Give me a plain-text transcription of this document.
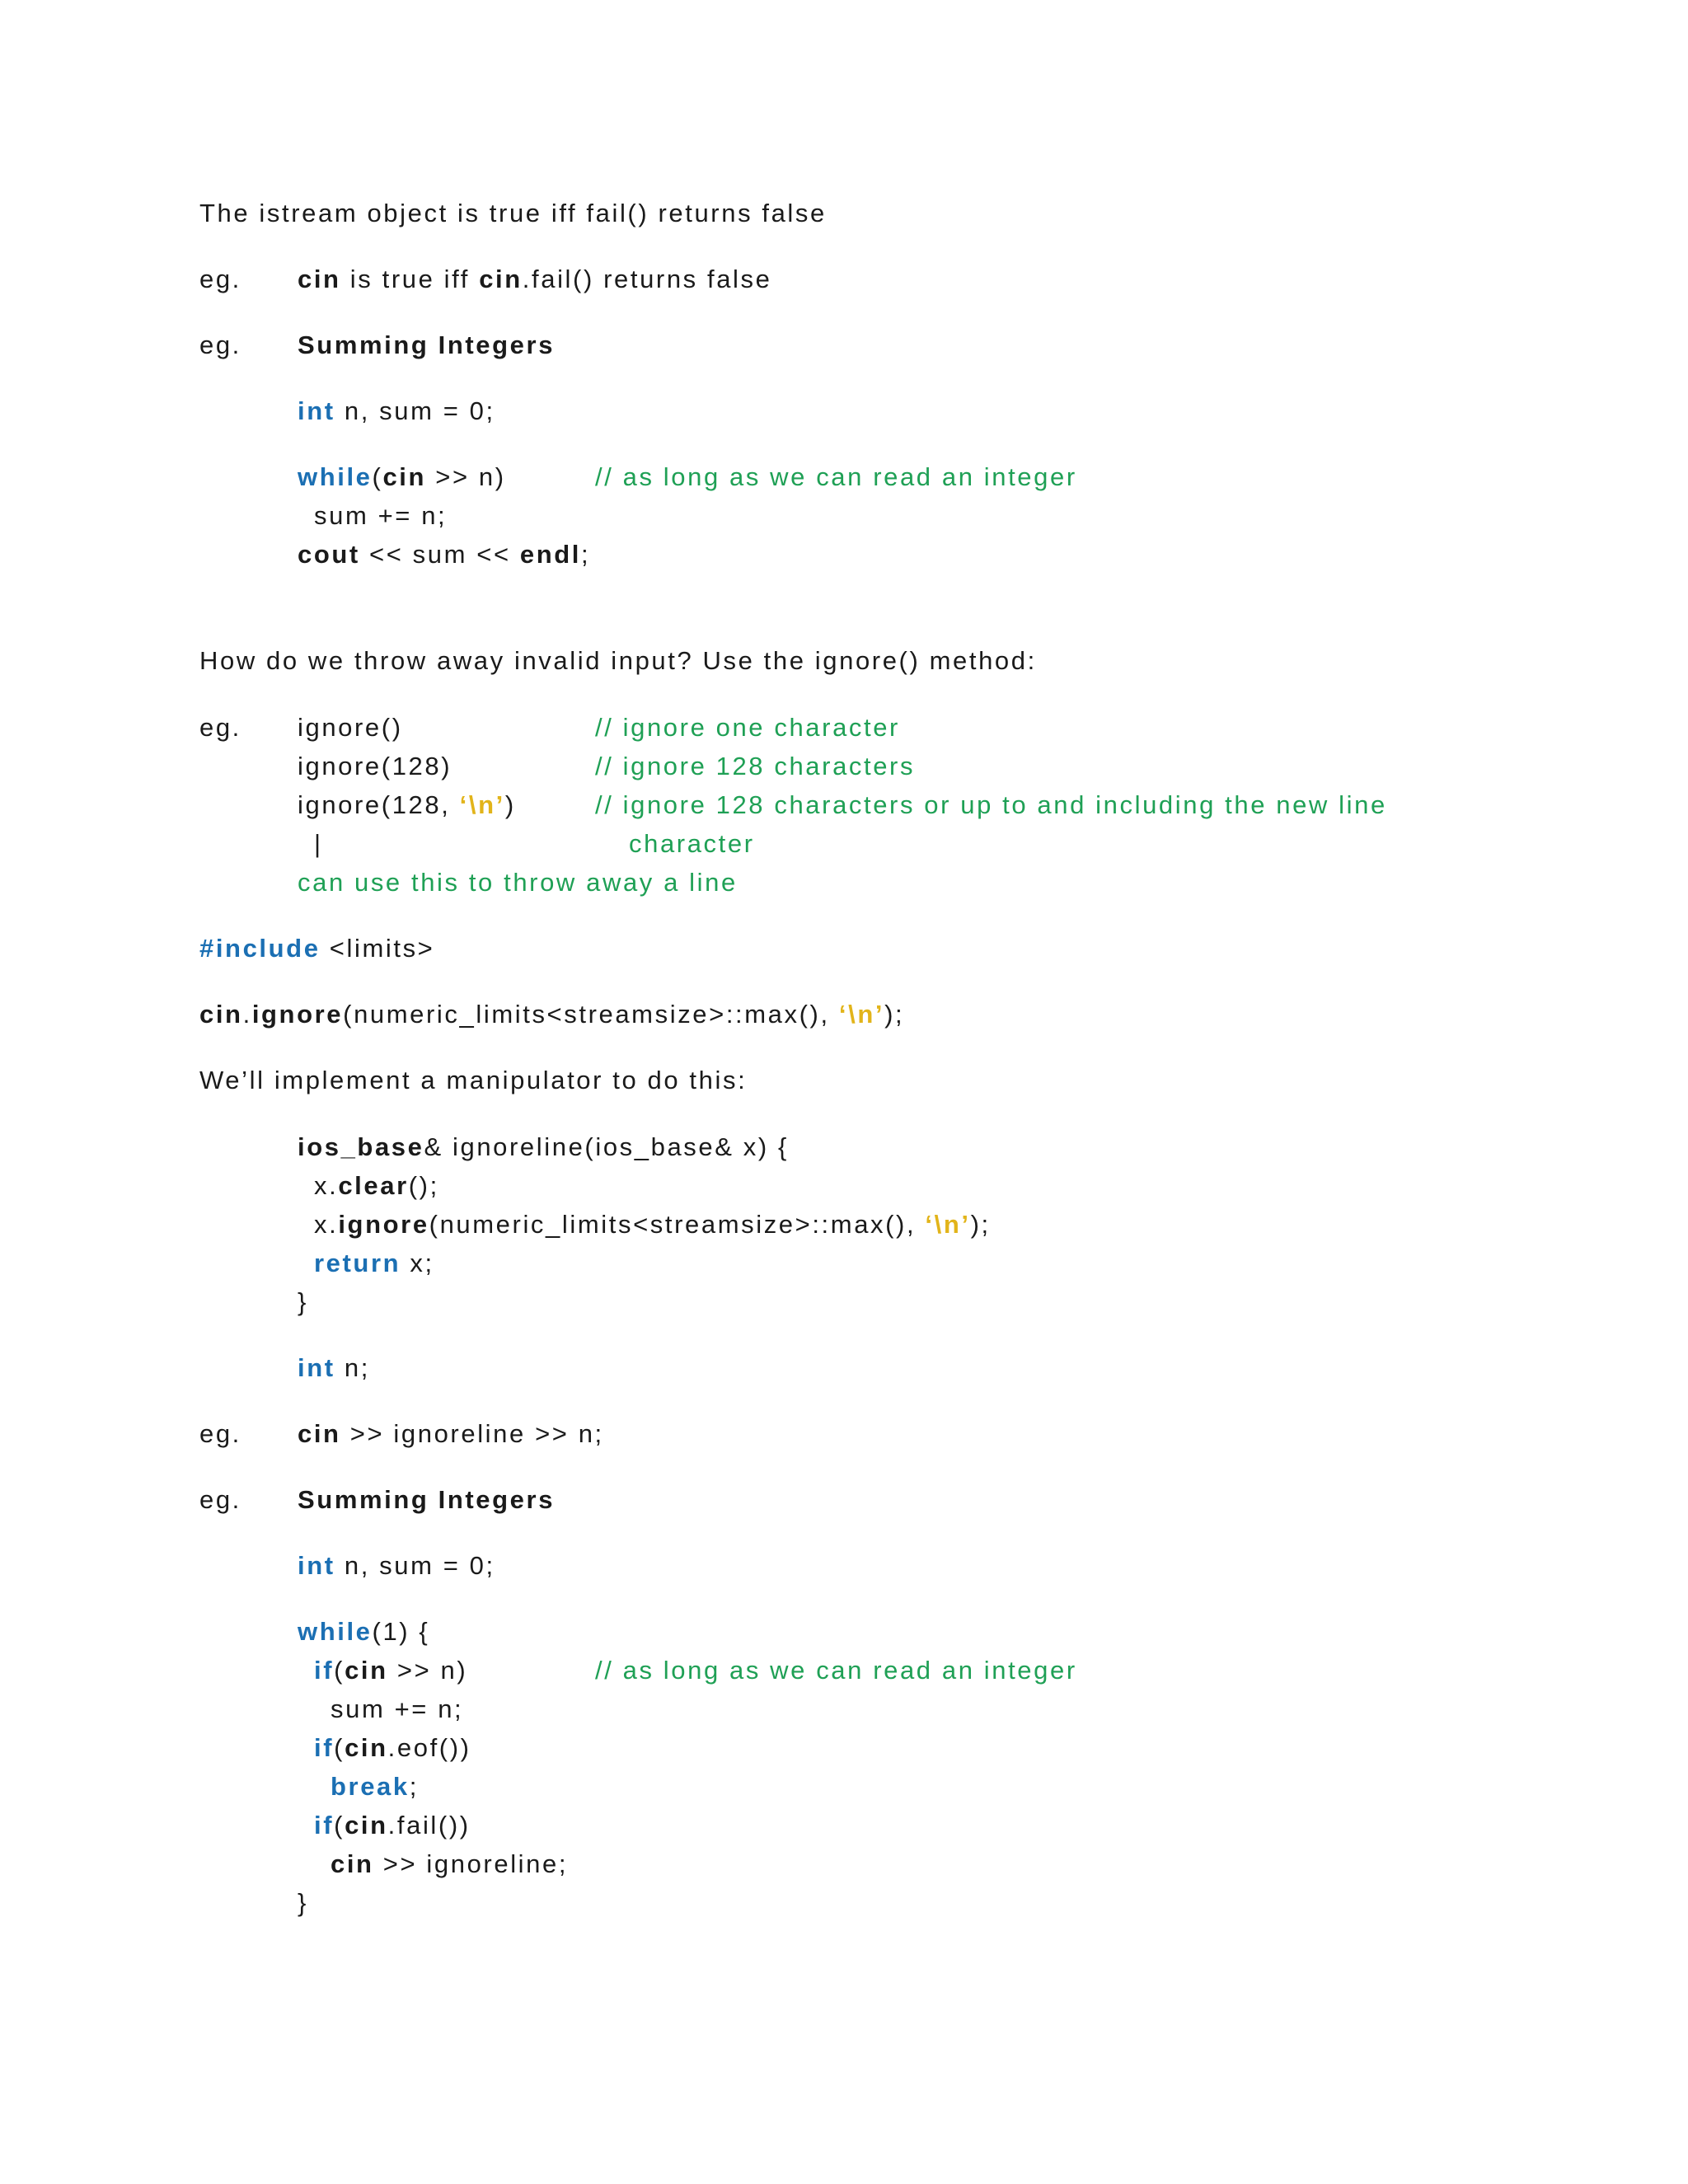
The istream object is true iff fail() returns false
eg. cin is true iff cin.fail() returns false
eg. Summing Integers
int n, sum = 0;
while(cin >> n)	// as long as we can read an integer
sum += n;
cout << sum << endl;
How do we throw away invalid input? Use the ignore() method:
eg. ignore()	// ignore one character
ignore(128)	// ignore 128 characters
ignore(128, ‘\n’)	// ignore 128 characters or up to and including the new line
|	character
can use this to throw away a line
#include <limits>
cin.ignore(numeric_limits<streamsize>::max(), ‘\n’);
We’ll implement a manipulator to do this:
ios_base& ignoreline(ios_base& x) {
x.clear();
x.ignore(numeric_limits<streamsize>::max(), ‘\n’);
return x;
}
int n;
eg. cin >> ignoreline >> n;
eg. Summing Integers
int n, sum = 0;
while(1) {
if(cin >> n)	// as long as we can read an integer
sum += n;
if(cin.eof())
break;
if(cin.fail())
cin >> ignoreline;
}
